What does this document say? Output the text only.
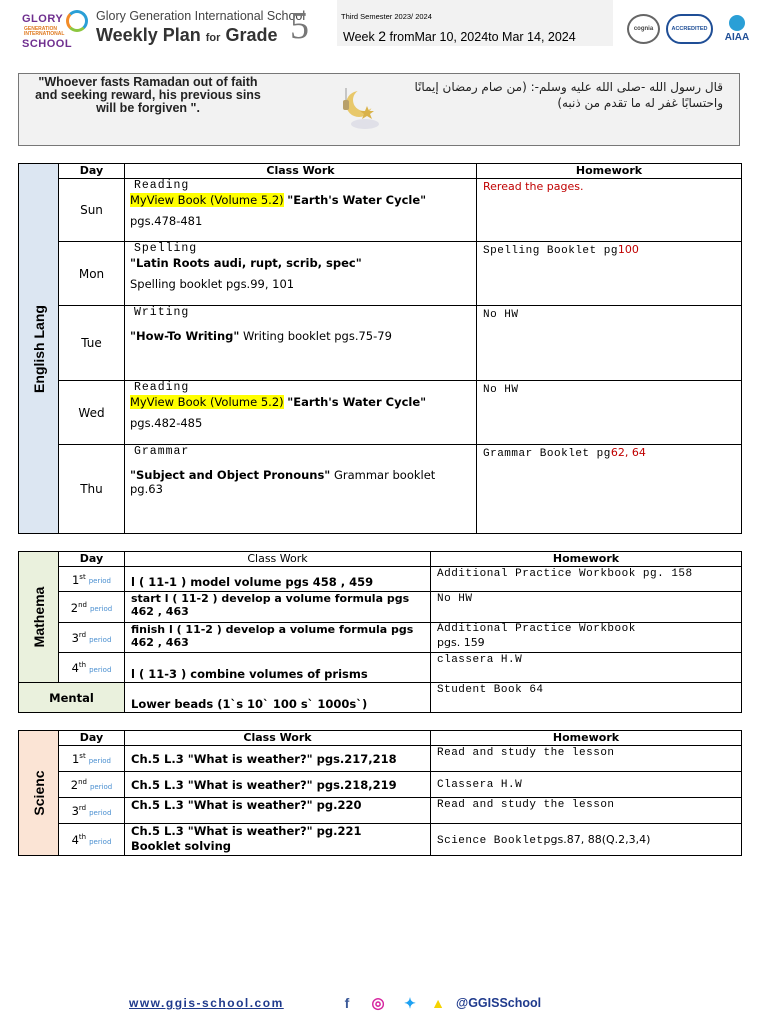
GLORY
GENERATION
INTERNATIONAL
SCHOOL
Glory Generation International School
Weekly Plan for Grade 5	Third Semester 2023/ 2024
Week 2 fromMar 10, 2024to Mar 14, 2024
cognia	ACCREDITED
AIAA
"Whoever fasts Ramadan out of faith and seeking reward, his previous sins will be forgiven ".
قال رسول الله -صلى الله عليه وسلم-: (من صام رمضان إيمانًا واحتسابًا غفر له ما تقدم من ذنبه)
English Lang	Day	Class Work	Homework
	Sun	Reading
MyView Book (Volume 5.2) "Earth's Water Cycle"
pgs.478-481	Reread the pages.
	Mon	Spelling
"Latin Roots audi, rupt, scrib, spec"
Spelling booklet pgs.99, 101	Spelling Booklet pg100
	Tue	Writing
"How-To Writing" Writing booklet pgs.75-79	No HW
	Wed	Reading
MyView Book (Volume 5.2) "Earth's Water Cycle"
pgs.482-485	No HW
	Thu	Grammar
"Subject and Object Pronouns" Grammar booklet pg.63	Grammar Booklet pg62, 64
Mathema	Day	Class Work	Homework
	1stperiod	l ( 11-1 ) model volume pgs 458 , 459	Additional Practice Workbook pg. 158
	2ndperiod	start l ( 11-2 ) develop a volume formula pgs 462 , 463	No HW
	3rdperiod	finish l ( 11-2 ) develop a volume formula pgs 462 , 463	Additional Practice Workbook
pgs. 159

	4thperiod	l ( 11-3 ) combine volumes of prisms	classera H.W
Mental		Lower beads (1`s 10` 100 s` 1000s`)	Student Book 64
Scienc	Day	Class Work	Homework
	1stperiod	Ch.5 L.3 "What is weather?" pgs.217,218	Read and study the lesson
	2ndperiod	Ch.5 L.3 "What is weather?" pgs.218,219	Classera H.W
	3rdperiod	Ch.5 L.3 "What is weather?" pg.220	Read and study the lesson
	4thperiod	Ch.5 L.3 "What is weather?" pg.221
Booklet solving	Science Bookletpgs.87, 88(Q.2,3,4)
www.ggis-school.com	f	◎ ✦ ▲ @GGISSchool
